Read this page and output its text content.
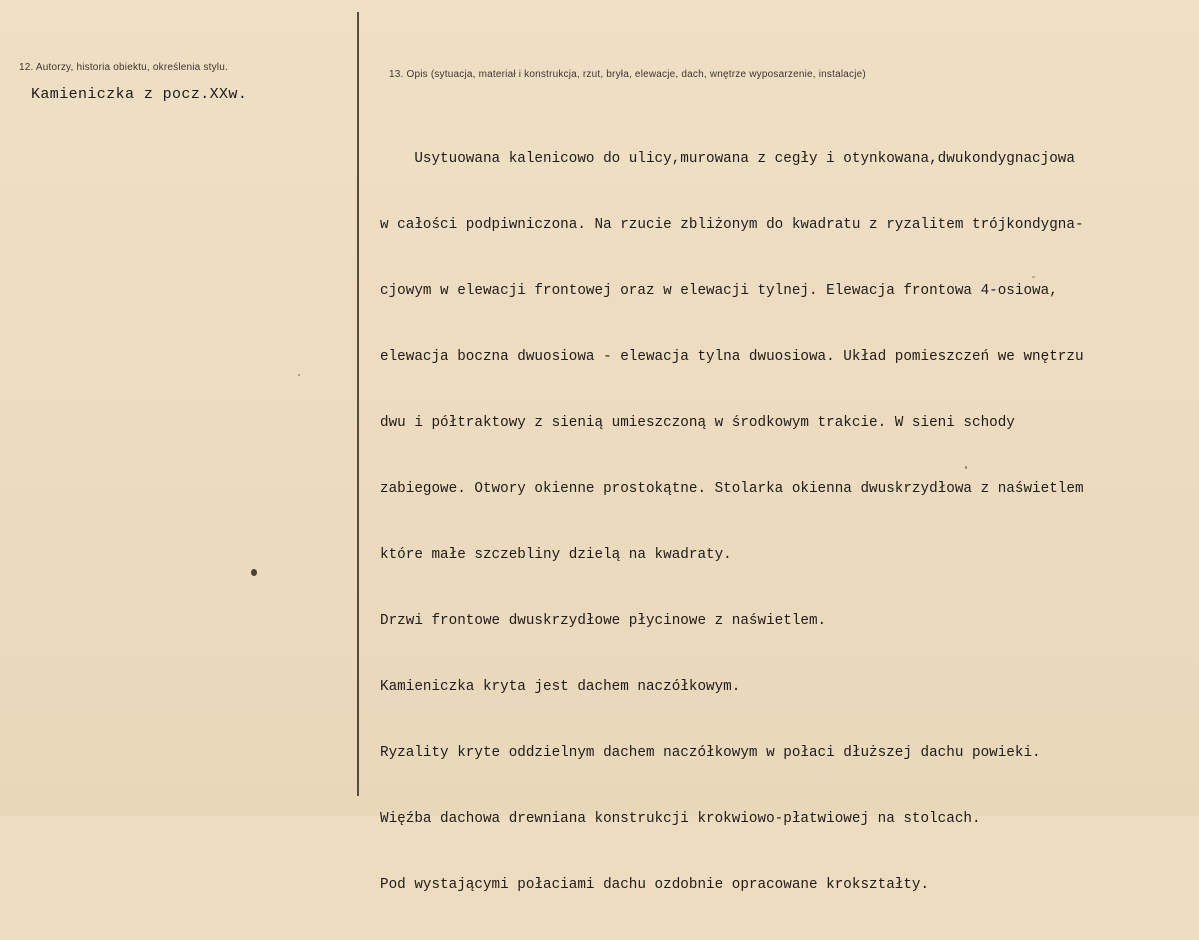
12. Autorzy, historia obiektu, określenia stylu.
Kamieniczka z pocz.XXw.
13. Opis (sytuacja, materiał i konstrukcja, rzut, bryła, elewacje, dach, wnętrze wyposarzenie, instalacje)

Usytuowana kalenicowo do ulicy,murowana z cegły i otynkowana,dwukondygnacjowa

w całości podpiwniczona. Na rzucie zbliżonym do kwadratu z ryzalitem trójkondygna-

cjowym w elewacji frontowej oraz w elewacji tylnej. Elewacja frontowa 4-osiowa,

elewacja boczna dwuosiowa - elewacja tylna dwuosiowa. Układ pomieszczeń we wnętrzu

dwu i półtraktowy z sienią umieszczoną w środkowym trakcie. W sieni schody

zabiegowe. Otwory okienne prostokątne. Stolarka okienna dwuskrzydłowa z naświetlem

które małe szczebliny dzielą na kwadraty.

Drzwi frontowe dwuskrzydłowe płycinowe z naświetlem.

Kamieniczka kryta jest dachem naczółkowym.

Ryzality kryte oddzielnym dachem naczółkowym w połaci dłuższej dachu powieki.

Więźba dachowa drewniana konstrukcji krokwiowo-płatwiowej na stolcach.

Pod wystającymi połaciami dachu ozdobnie opracowane krokształty.
